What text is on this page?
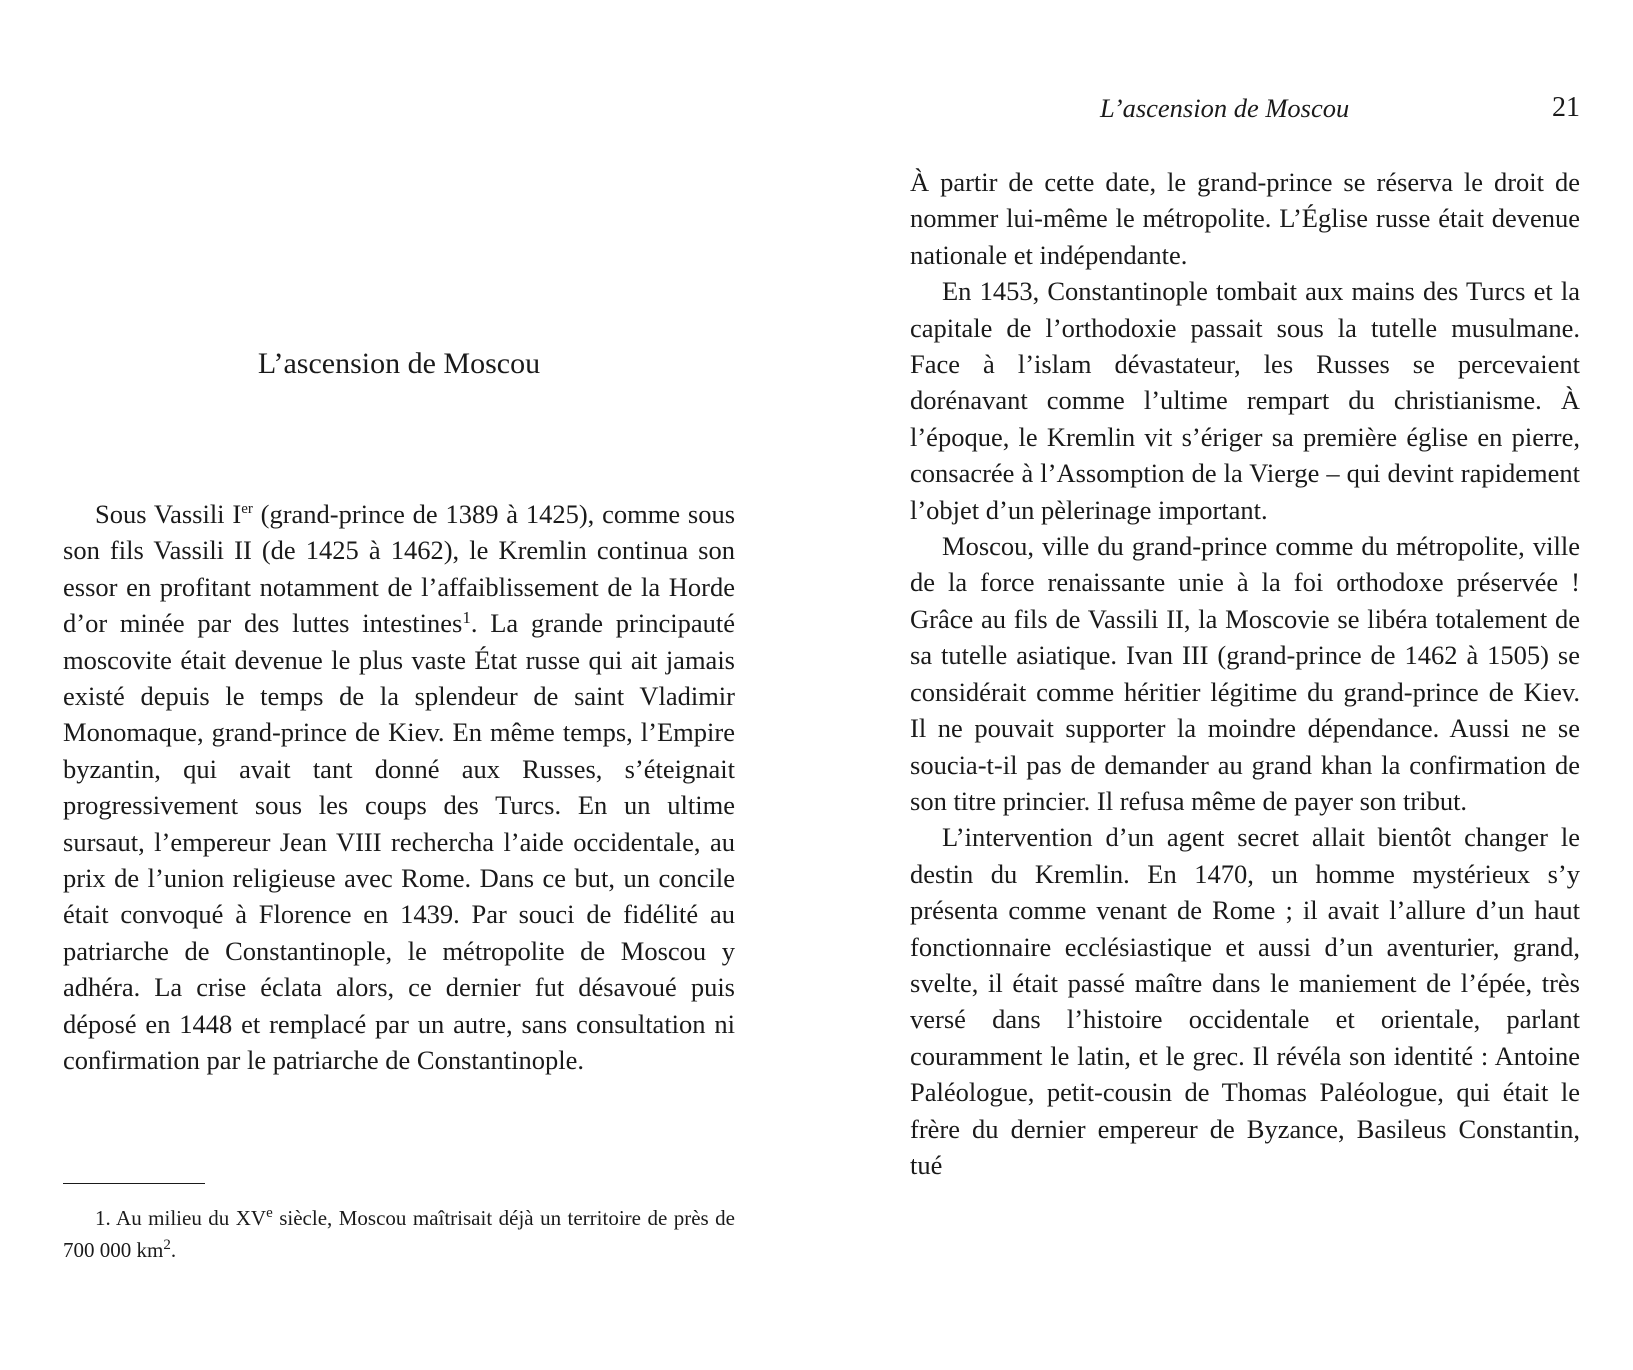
L’ascension de Moscou

Sous Vassili Ier (grand-prince de 1389 à 1425), comme sous son fils Vassili II (de 1425 à 1462), le Kremlin continua son essor en profitant notamment de l’affaiblissement de la Horde d’or minée par des luttes intestines$^1$. La grande principauté moscovite était devenue le plus vaste État russe qui ait jamais existé depuis le temps de la splendeur de saint Vladimir Monomaque, grand-prince de Kiev. En même temps, l’Empire byzantin, qui avait tant donné aux Russes, s’éteignait progressivement sous les coups des Turcs. En un ultime sursaut, l’empereur Jean VIII rechercha l’aide occidentale, au prix de l’union religieuse avec Rome. Dans ce but, un concile était convoqué à Florence en 1439. Par souci de fidélité au patriarche de Constantinople, le métropolite de Moscou y adhéra. La crise éclata alors, ce dernier fut désavoué puis déposé en 1448 et remplacé par un autre, sans consultation ni confirmation par le patriarche de Constantinople.

1. Au milieu du XVe siècle, Moscou maîtrisait déjà un territoire de près de 700 000 $km^2$.

L’ascension de Moscou	21

À partir de cette date, le grand-prince se réserva le droit de nommer lui-même le métropolite. L’Église russe était devenue nationale et indépendante.

En 1453, Constantinople tombait aux mains des Turcs et la capitale de l’orthodoxie passait sous la tutelle musulmane. Face à l’islam dévastateur, les Russes se percevaient dorénavant comme l’ultime rempart du christianisme. À l’époque, le Kremlin vit s’ériger sa première église en pierre, consacrée à l’Assomption de la Vierge – qui devint rapidement l’objet d’un pèlerinage important.

Moscou, ville du grand-prince comme du métropolite, ville de la force renaissante unie à la foi orthodoxe préservée ! Grâce au fils de Vassili II, la Moscovie se libéra totalement de sa tutelle asiatique. Ivan III (grand-prince de 1462 à 1505) se considérait comme héritier légitime du grand-prince de Kiev. Il ne pouvait supporter la moindre dépendance. Aussi ne se soucia-t-il pas de demander au grand khan la confirmation de son titre princier. Il refusa même de payer son tribut.

L’intervention d’un agent secret allait bientôt changer le destin du Kremlin. En 1470, un homme mystérieux s’y présenta comme venant de Rome ; il avait l’allure d’un haut fonctionnaire ecclésiastique et aussi d’un aventurier, grand, svelte, il était passé maître dans le maniement de l’épée, très versé dans l’histoire occidentale et orientale, parlant couramment le latin, et le grec. Il révéla son identité : Antoine Paléologue, petit-cousin de Thomas Paléologue, qui était le frère du dernier empereur de Byzance, Basileus Constantin, tué
